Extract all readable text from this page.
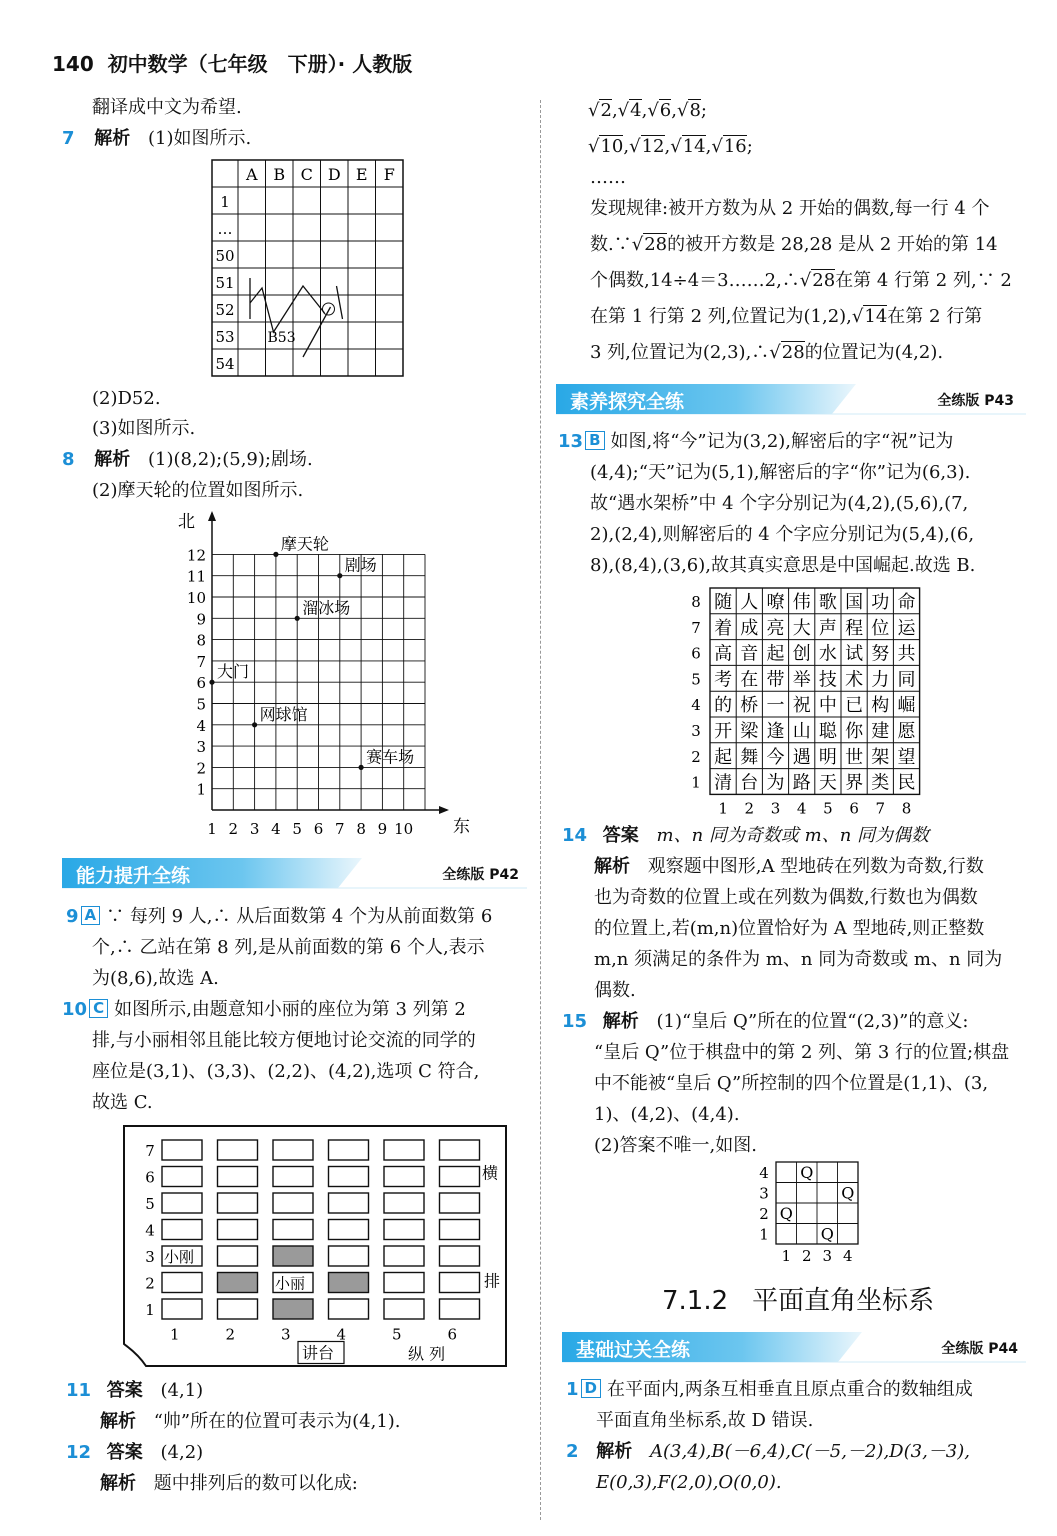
140 初中数学（七年级　下册）· 人教版
翻译成中文为希望.
7 解析 (1)如图所示.
A B C D E F
1
…
50
51
52
53
54
B53
(2)D52.
(3)如图所示.
8 解析 (1)(8,2);(5,9);剧场.
(2)摩天轮的位置如图所示.
北
东
1
2
3
4
5
6
7
8
9
10
11
12
1 2 3 4 5 6 7 8 9 10
摩天轮
剧场
溜冰场
大门
网球馆
赛车场
能力提升全练	全练版 P42
9 A ∵ 每列 9 人,∴ 从后面数第 4 个为从前面数第 6
个,∴ 乙站在第 8 列,是从前面数的第 6 个人,表示
为(8,6),故选 A.
10 C 如图所示,由题意知小丽的座位为第 3 列第 2
排,与小丽相邻且能比较方便地讨论交流的同学的
座位是(3,1)、(3,3)、(2,2)、(4,2),选项 C 符合,
故选 C.
7
6
5
4
3
2
1
小刚
小丽
1	2	3	4	5	6
横
排
讲台	纵 列
11 答案 (4,1)
解析 “帅”所在的位置可表示为(4,1).
12 答案 (4,2)
解析 题中排列后的数可以化成:
√2,√4,√6,√8;
√10,√12,√14,√16;
……
发现规律:被开方数为从 2 开始的偶数,每一行 4 个
数.∵√28的被开方数是 28,28 是从 2 开始的第 14
个偶数,14÷4＝3……2,∴√28在第 4 行第 2 列,∵ 2
在第 1 行第 2 列,位置记为(1,2),√14在第 2 行第
3 列,位置记为(2,3),∴√28的位置记为(4,2).
素养探究全练	全练版 P43
13 B 如图,将“今”记为(3,2),解密后的字“祝”记为
(4,4);“天”记为(5,1),解密后的字“你”记为(6,3).
故“遇水架桥”中 4 个字分别记为(4,2),(5,6),(7,
2),(2,4),则解密后的 4 个字应分别记为(5,4),(6,
8),(8,4),(3,6),故其真实意思是中国崛起.故选 B.
8 随 人 嘹 伟 歌 国 功 命
7 着 成 亮 大 声 程 位 运
6 高 音 起 创 水 试 努 共
5 考 在 带 举 技 术 力 同
4 的 桥 一 祝 中 已 构 崛
3 开 梁 逢 山 聪 你 建 愿
2 起 舞 今 遇 明 世 架 望
1 清 台 为 路 天 界 类 民
1 2 3 4 5 6 7 8
14 答案 m、n 同为奇数或 m、n 同为偶数
解析 观察题中图形,A 型地砖在列数为奇数,行数
也为奇数的位置上或在列数为偶数,行数也为偶数
的位置上,若(m,n)位置恰好为 A 型地砖,则正整数
m,n 须满足的条件为 m、n 同为奇数或 m、n 同为
偶数.
15 解析 (1)“皇后 Q”所在的位置“(2,3)”的意义:
“皇后 Q”位于棋盘中的第 2 列、第 3 行的位置;棋盘
中不能被“皇后 Q”所控制的四个位置是(1,1)、(3,
1)、(4,2)、(4,4).
(2)答案不唯一,如图.
4
3
2
1
1 2 3 4
Q
Q
Q
Q
7.1.2 平面直角坐标系
基础过关全练	全练版 P44
1 D 在平面内,两条互相垂直且原点重合的数轴组成
平面直角坐标系,故 D 错误.
2 解析 A(3,4),B(－6,4),C(－5,－2),D(3,－3),
E(0,3),F(2,0),O(0,0).
